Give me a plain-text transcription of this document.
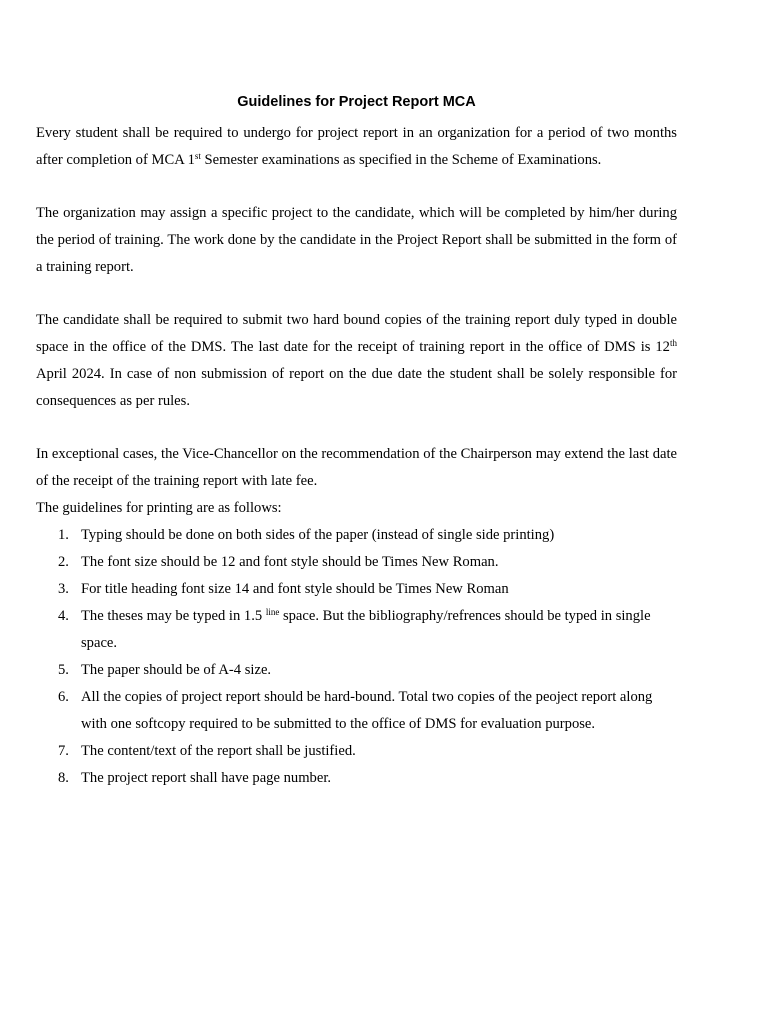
Guidelines for Project Report MCA

Every student shall be required to undergo for project report in an organization for a period of two months after completion of MCA 1st Semester examinations as specified in the Scheme of Examinations.

The organization may assign a specific project to the candidate, which will be completed by him/her during the period of training. The work done by the candidate in the Project Report shall be submitted in the form of a training report.

The candidate shall be required to submit two hard bound copies of the training report duly typed in double space in the office of the DMS. The last date for the receipt of training report in the office of DMS is 12th April 2024. In case of non submission of report on the due date the student shall be solely responsible for consequences as per rules.

In exceptional cases, the Vice-Chancellor on the recommendation of the Chairperson may extend the last date of the receipt of the training report with late fee.

The guidelines for printing are as follows:

1. Typing should be done on both sides of the paper (instead of single side printing)
2. The font size should be 12 and font style should be Times New Roman.
3. For title heading font size 14 and font style should be Times New Roman
4. The theses may be typed in 1.5 $^{line}$ space. But the bibliography/refrences should be typed in single space.
5. The paper should be of A-4 size.
6. All the copies of project report should be hard-bound. Total two copies of the peoject report along with one softcopy required to be submitted to the office of DMS for evaluation purpose.
7. The content/text of the report shall be justified.
8. The project report shall have page number.
